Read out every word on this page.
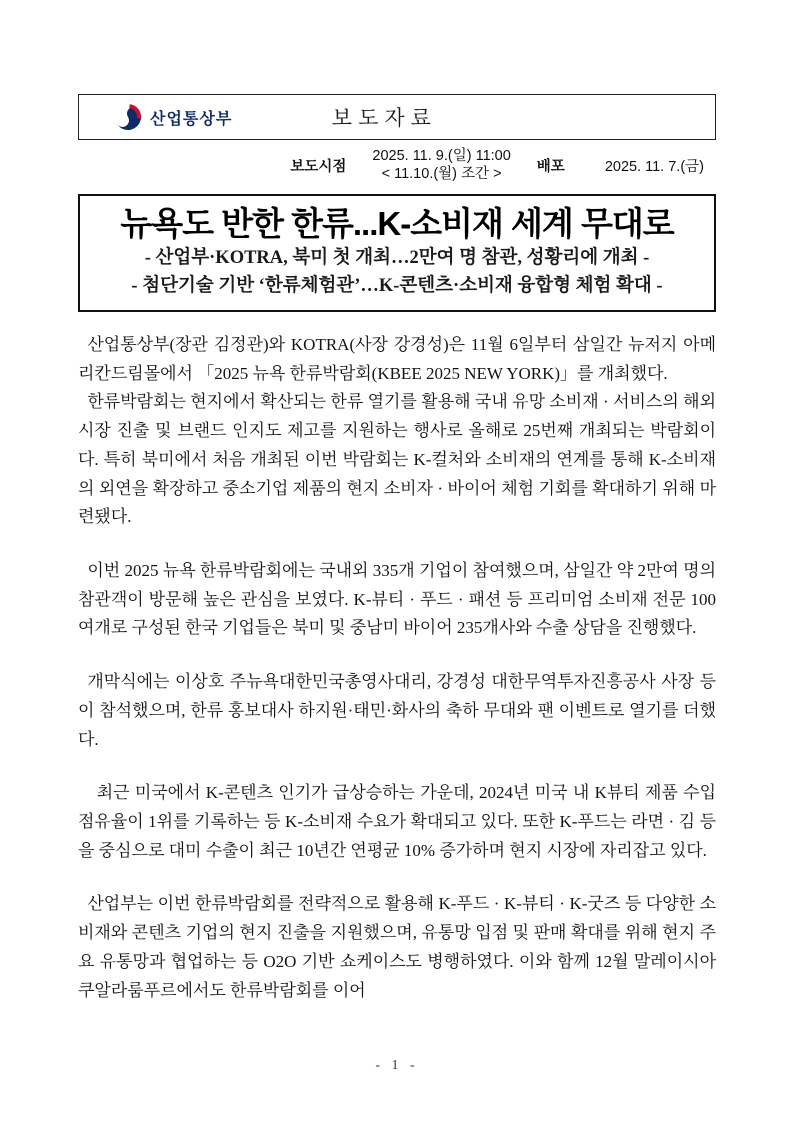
산업통상부	보도자료
보도시점
2025. 11. 9.(일) 11:00
< 11.10.(월) 조간 >	배포	2025. 11. 7.(금)
뉴욕도 반한 한류...K-소비재 세계 무대로
- 산업부·KOTRA, 북미 첫 개최…2만여 명 참관, 성황리에 개최 -
- 첨단기술 기반 ‘한류체험관’…K-콘텐츠·소비재 융합형 체험 확대 -

산업통상부(장관 김정관)와 KOTRA(사장 강경성)은 11월 6일부터 삼일간 뉴저지 아메리칸드림몰에서 「2025 뉴욕 한류박람회(KBEE 2025 NEW YORK)」를 개최했다.

한류박람회는 현지에서 확산되는 한류 열기를 활용해 국내 유망 소비재 · 서비스의 해외시장 진출 및 브랜드 인지도 제고를 지원하는 행사로 올해로 25번째 개최되는 박람회이다. 특히 북미에서 처음 개최된 이번 박람회는 K-컬처와 소비재의 연계를 통해 K-소비재의 외연을 확장하고 중소기업 제품의 현지 소비자 · 바이어 체험 기회를 확대하기 위해 마련됐다.

이번 2025 뉴욕 한류박람회에는 국내외 335개 기업이 참여했으며, 삼일간 약 2만여 명의 참관객이 방문해 높은 관심을 보였다. K-뷰티 · 푸드 · 패션 등 프리미엄 소비재 전문 100여개로 구성된 한국 기업들은 북미 및 중남미 바이어 235개사와 수출 상담을 진행했다.

개막식에는 이상호 주뉴욕대한민국총영사대리, 강경성 대한무역투자진흥공사 사장 등이 참석했으며, 한류 홍보대사 하지원·태민·화사의 축하 무대와 팬 이벤트로 열기를 더했다.

최근 미국에서 K-콘텐츠 인기가 급상승하는 가운데, 2024년 미국 내 K뷰티 제품 수입 점유율이 1위를 기록하는 등 K-소비재 수요가 확대되고 있다. 또한 K-푸드는 라면 · 김 등을 중심으로 대미 수출이 최근 10년간 연평균 10% 증가하며 현지 시장에 자리잡고 있다.

산업부는 이번 한류박람회를 전략적으로 활용해 K-푸드 · K-뷰티 · K-굿즈 등 다양한 소비재와 콘텐츠 기업의 현지 진출을 지원했으며, 유통망 입점 및 판매 확대를 위해 현지 주요 유통망과 협업하는 등 O2O 기반 쇼케이스도 병행하였다. 이와 함께 12월 말레이시아 쿠알라룸푸르에서도 한류박람회를 이어

- 1 -
